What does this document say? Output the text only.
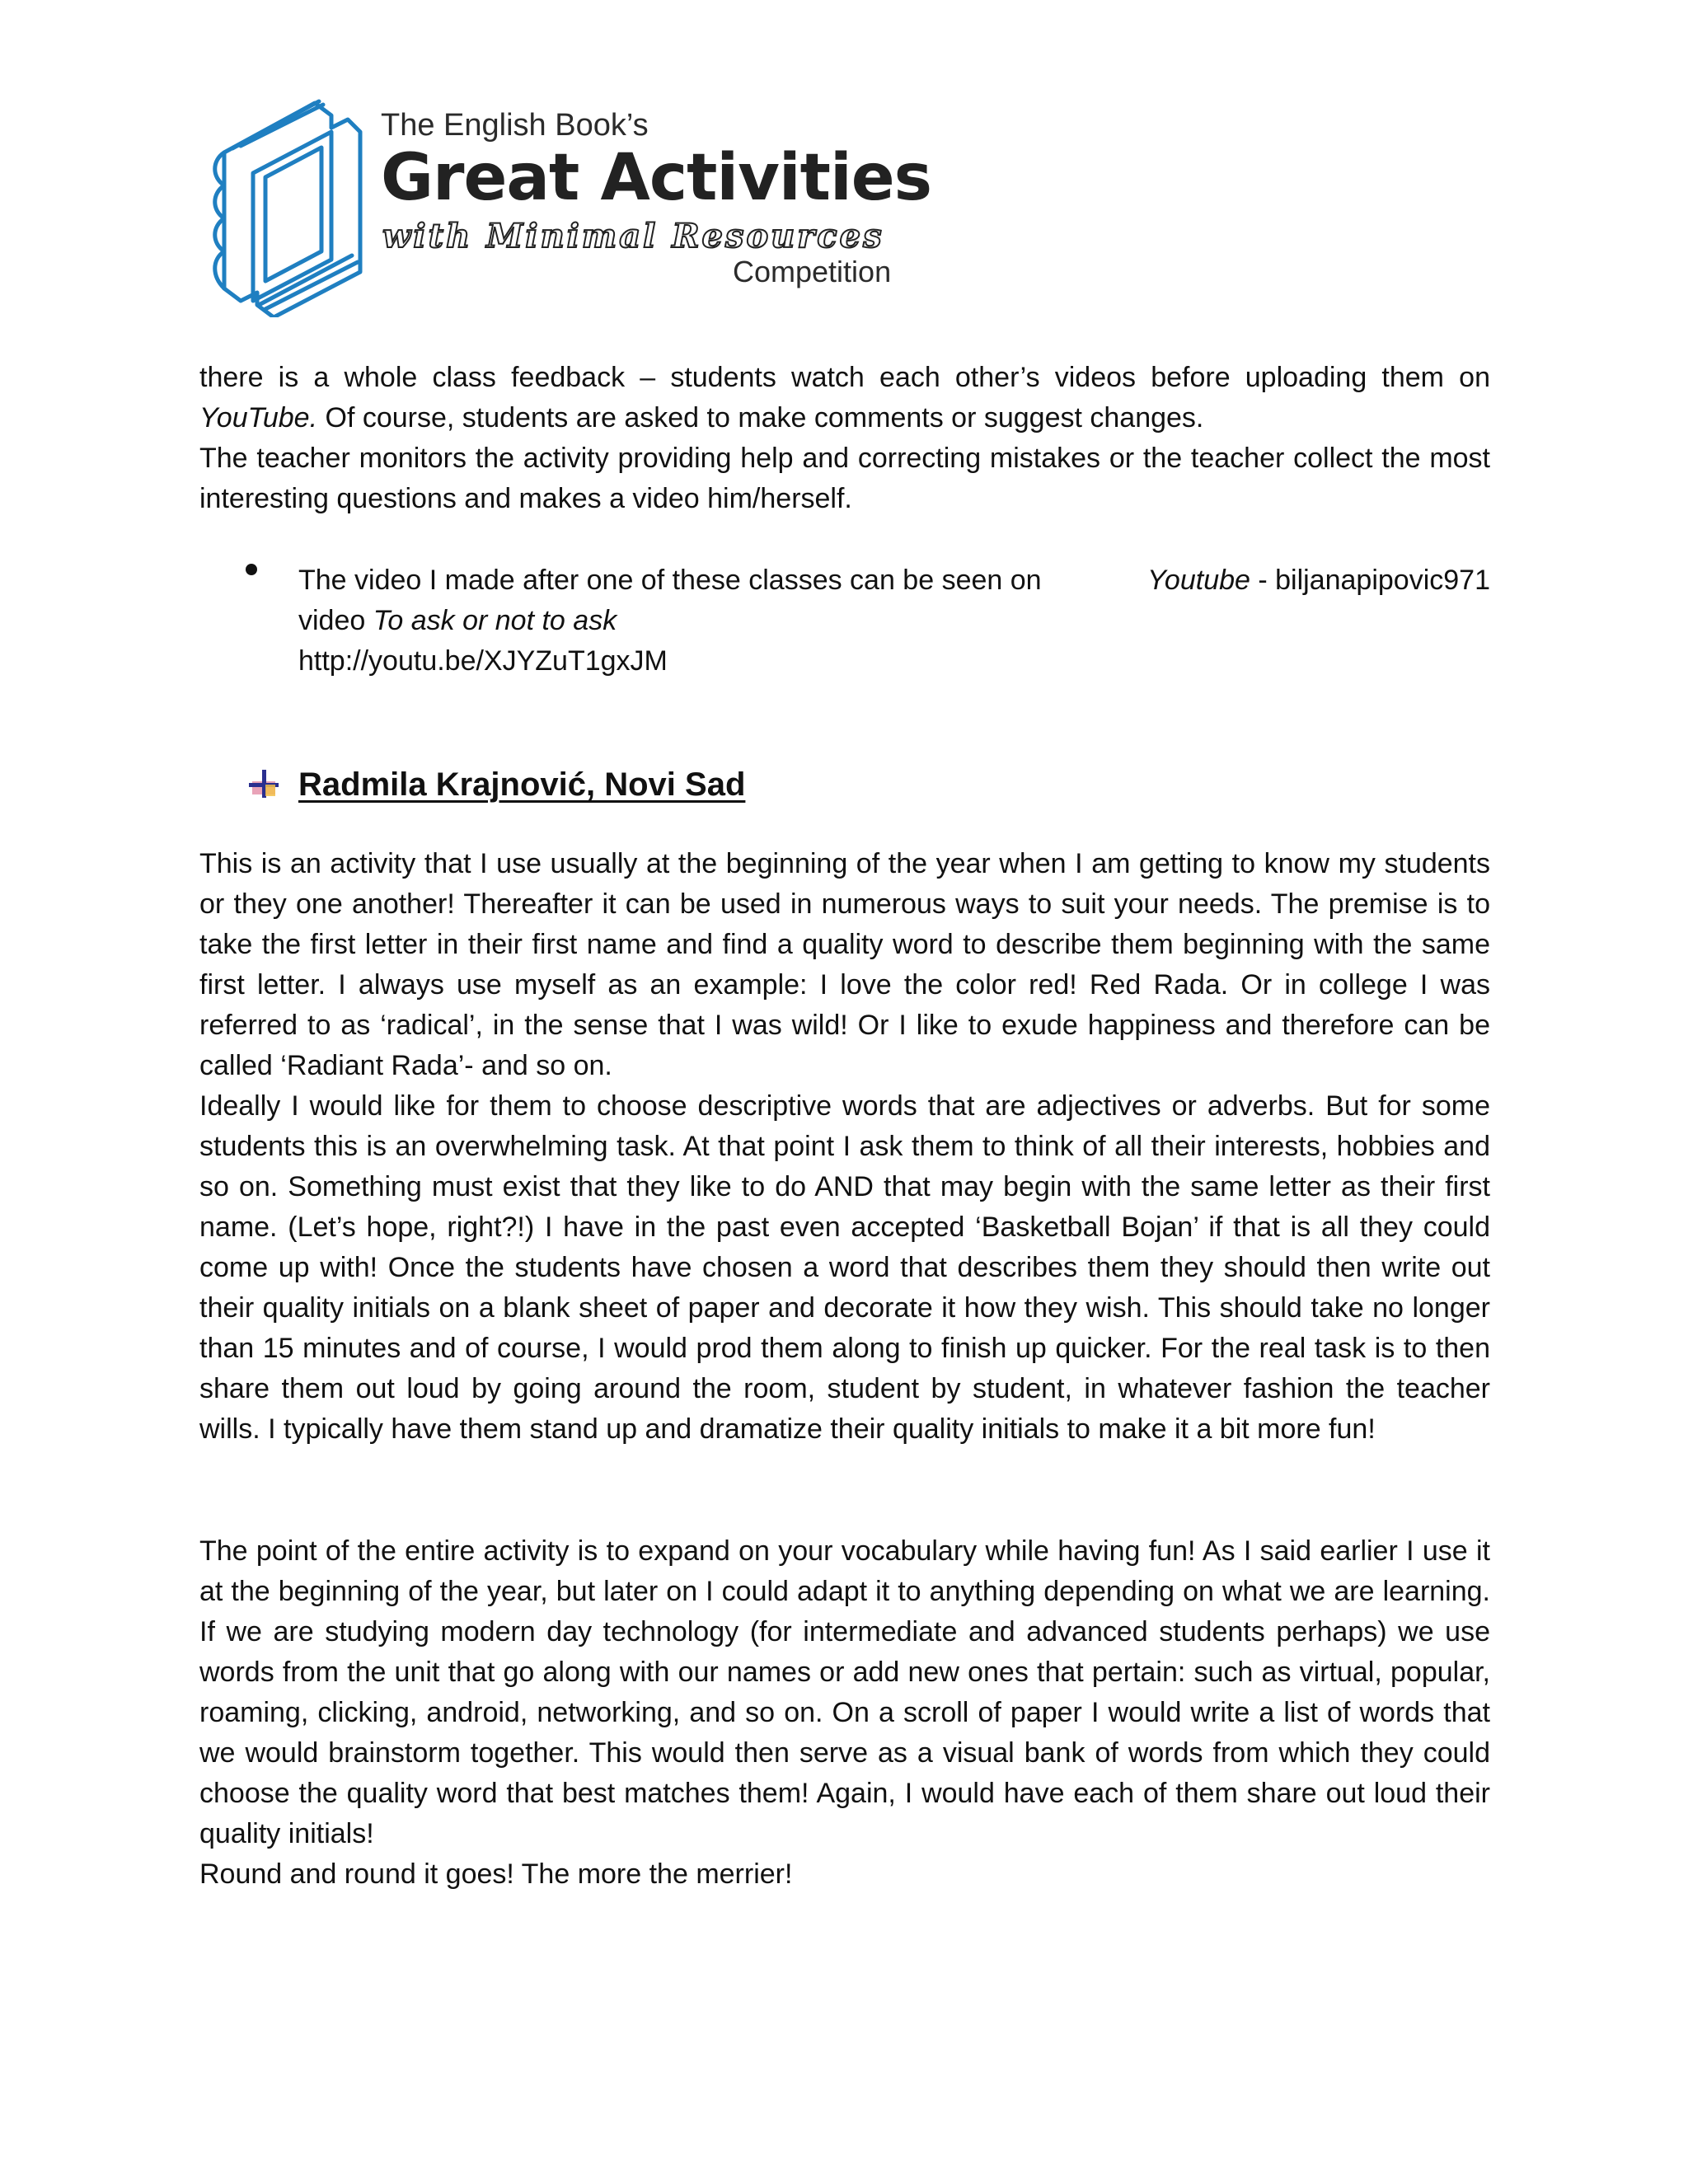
The English Book’s
Great Activities
with Minimal Resources
Competition

there is a whole class feedback – students watch each other’s videos before uploading them on YouTube. Of course, students are asked to make comments or suggest changes.

The teacher monitors the activity providing help and correcting mistakes or the teacher collect the most interesting questions and makes a video him/herself.

The video I made after one of these classes can be seen on	Youtube - biljanapipovic971

video To ask or not to ask

http://youtu.be/XJYZuT1gxJM

Radmila Krajnović, Novi Sad

This is an activity that I use usually at the beginning of the year when I am getting to know my students or they one another! Thereafter it can be used in numerous ways to suit your needs. The premise is to take the first letter in their first name and find a quality word to describe them beginning with the same first letter. I always use myself as an example: I love the color red! Red Rada. Or in college I was referred to as ‘radical’, in the sense that I was wild! Or I like to exude happiness and therefore can be called ‘Radiant Rada’- and so on.

Ideally I would like for them to choose descriptive words that are adjectives or adverbs. But for some students this is an overwhelming task. At that point I ask them to think of all their interests, hobbies and so on. Something must exist that they like to do AND that may begin with the same letter as their first name. (Let’s hope, right?!) I have in the past even accepted ‘Basketball Bojan’ if that is all they could come up with! Once the students have chosen a word that describes them they should then write out their quality initials on a blank sheet of paper and decorate it how they wish. This should take no longer than 15 minutes and of course, I would prod them along to finish up quicker. For the real task is to then share them out loud by going around the room, student by student, in whatever fashion the teacher wills. I typically have them stand up and dramatize their quality initials to make it a bit more fun!

The point of the entire activity is to expand on your vocabulary while having fun! As I said earlier I use it at the beginning of the year, but later on I could adapt it to anything depending on what we are learning. If we are studying modern day technology (for intermediate and advanced students perhaps) we use words from the unit that go along with our names or add new ones that pertain: such as virtual, popular, roaming, clicking, android, networking, and so on. On a scroll of paper I would write a list of words that we would brainstorm together. This would then serve as a visual bank of words from which they could choose the quality word that best matches them! Again, I would have each of them share out loud their quality initials!

Round and round it goes! The more the merrier!
